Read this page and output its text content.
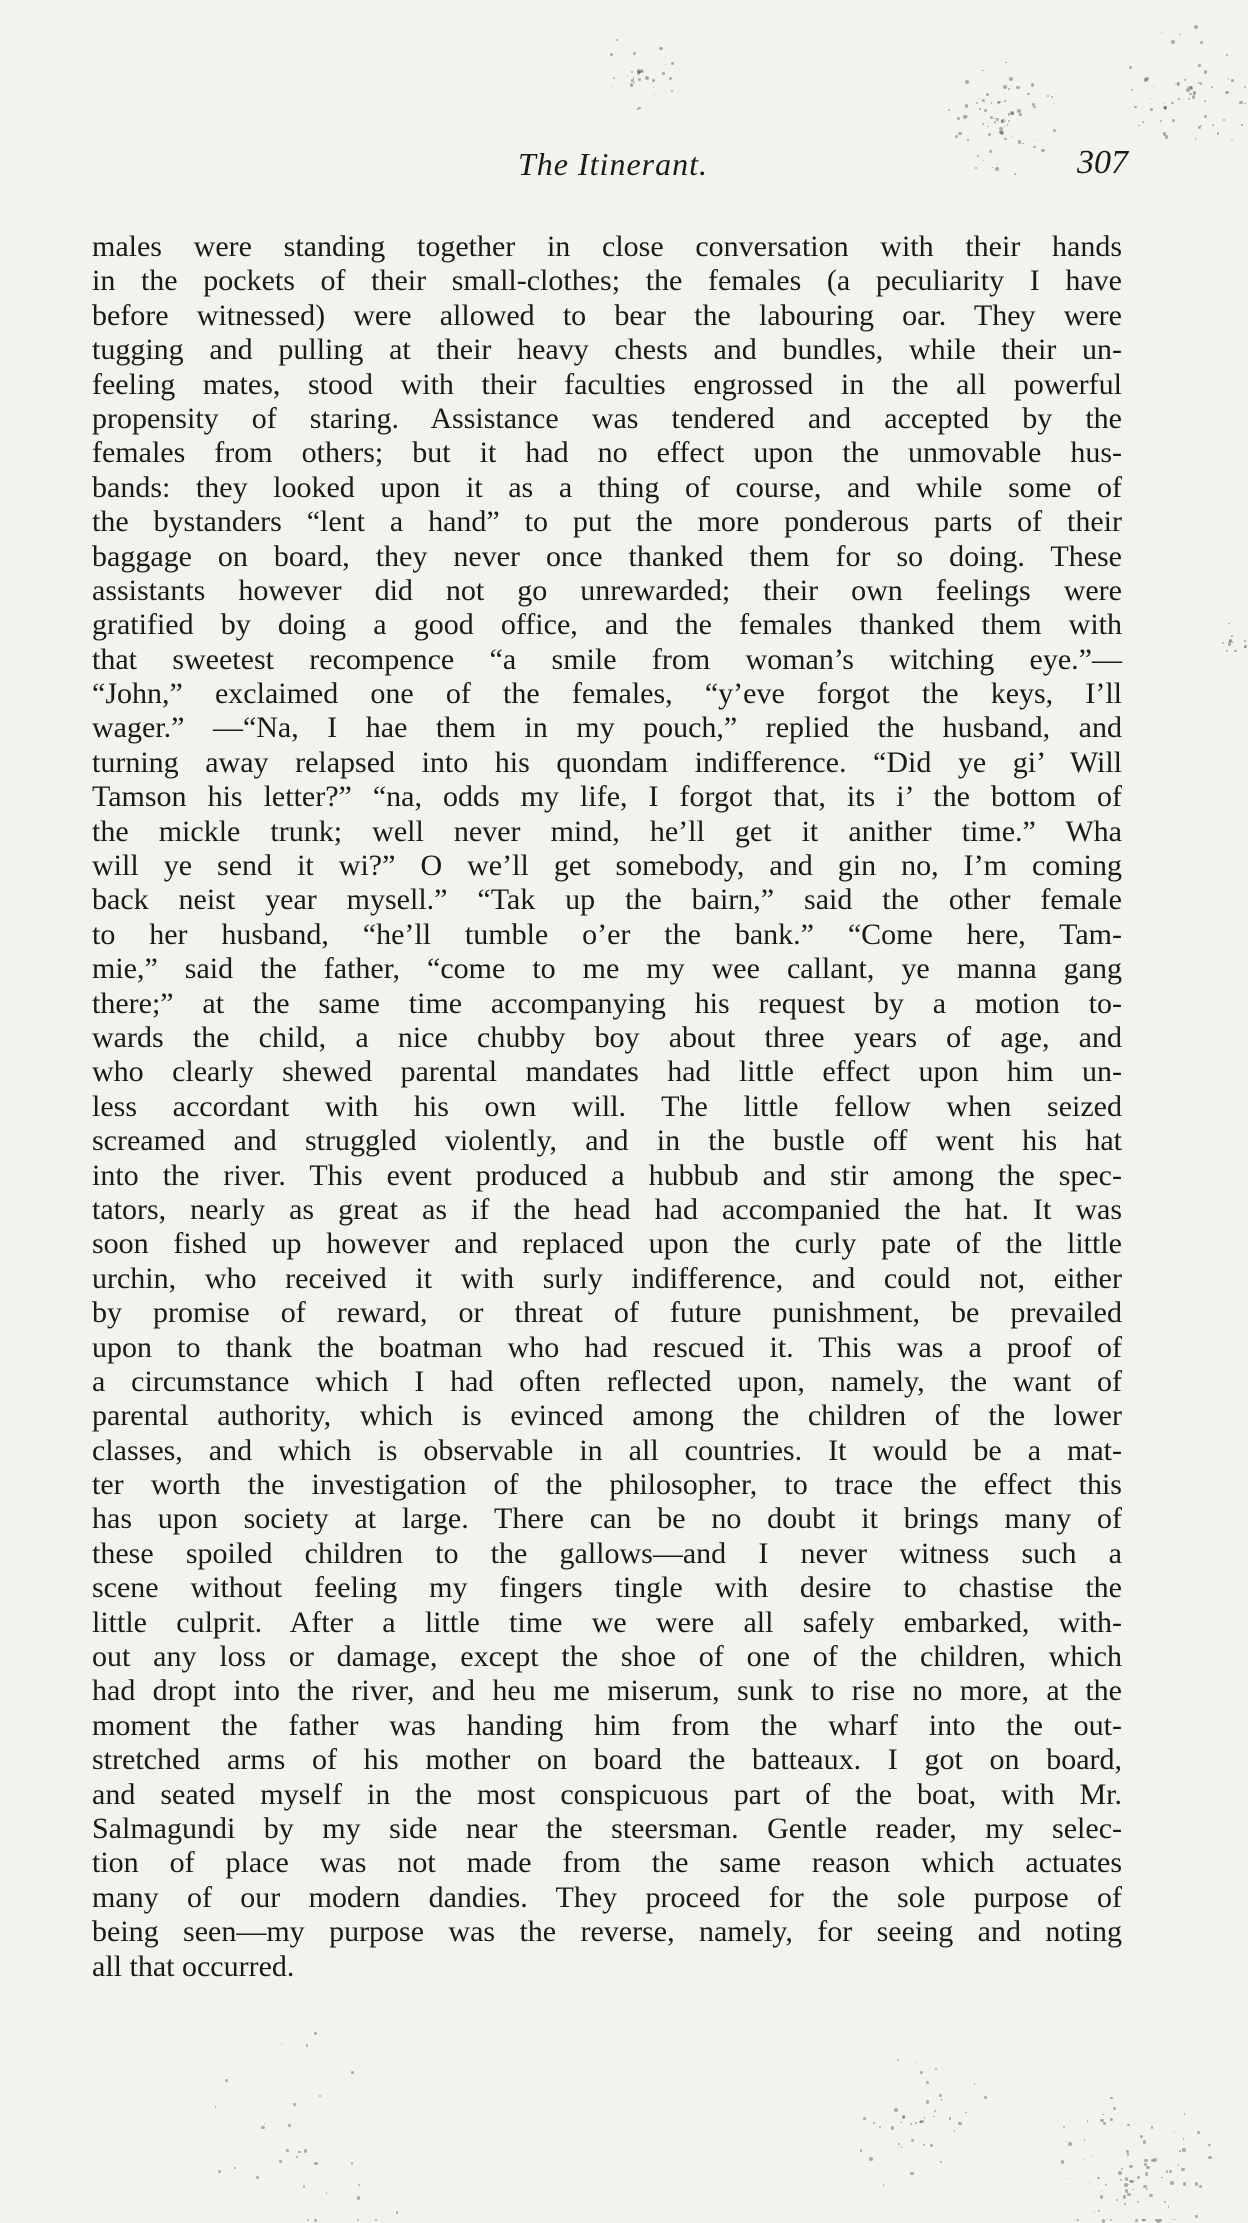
The Itinerant.	307
males were standing together in close conversation with their hands
in the pockets of their small-clothes; the females (a peculiarity I have
before witnessed) were allowed to bear the labouring oar. They were
tugging and pulling at their heavy chests and bundles, while their un-
feeling mates, stood with their faculties engrossed in the all powerful
propensity of staring. Assistance was tendered and accepted by the
females from others; but it had no effect upon the unmovable hus-
bands: they looked upon it as a thing of course, and while some of
the bystanders “lent a hand” to put the more ponderous parts of their
baggage on board, they never once thanked them for so doing. These
assistants however did not go unrewarded; their own feelings were
gratified by doing a good office, and the females thanked them with
that sweetest recompence “a smile from woman’s witching eye.”—
“John,” exclaimed one of the females, “y’eve forgot the keys, I’ll
wager.” —“Na, I hae them in my pouch,” replied the husband, and
turning away relapsed into his quondam indifference. “Did ye gi’ Will
Tamson his letter?” “na, odds my life, I forgot that, its i’ the bottom of
the mickle trunk; well never mind, he’ll get it anither time.” Wha
will ye send it wi?” O we’ll get somebody, and gin no, I’m coming
back neist year mysell.” “Tak up the bairn,” said the other female
to her husband, “he’ll tumble o’er the bank.” “Come here, Tam-
mie,” said the father, “come to me my wee callant, ye manna gang
there;” at the same time accompanying his request by a motion to-
wards the child, a nice chubby boy about three years of age, and
who clearly shewed parental mandates had little effect upon him un-
less accordant with his own will. The little fellow when seized
screamed and struggled violently, and in the bustle off went his hat
into the river. This event produced a hubbub and stir among the spec-
tators, nearly as great as if the head had accompanied the hat. It was
soon fished up however and replaced upon the curly pate of the little
urchin, who received it with surly indifference, and could not, either
by promise of reward, or threat of future punishment, be prevailed
upon to thank the boatman who had rescued it. This was a proof of
a circumstance which I had often reflected upon, namely, the want of
parental authority, which is evinced among the children of the lower
classes, and which is observable in all countries. It would be a mat-
ter worth the investigation of the philosopher, to trace the effect this
has upon society at large. There can be no doubt it brings many of
these spoiled children to the gallows—and I never witness such a
scene without feeling my fingers tingle with desire to chastise the
little culprit. After a little time we were all safely embarked, with-
out any loss or damage, except the shoe of one of the children, which
had dropt into the river, and heu me miserum, sunk to rise no more, at the
moment the father was handing him from the wharf into the out-
stretched arms of his mother on board the batteaux. I got on board,
and seated myself in the most conspicuous part of the boat, with Mr.
Salmagundi by my side near the steersman. Gentle reader, my selec-
tion of place was not made from the same reason which actuates
many of our modern dandies. They proceed for the sole purpose of
being seen—my purpose was the reverse, namely, for seeing and noting
all that occurred.
